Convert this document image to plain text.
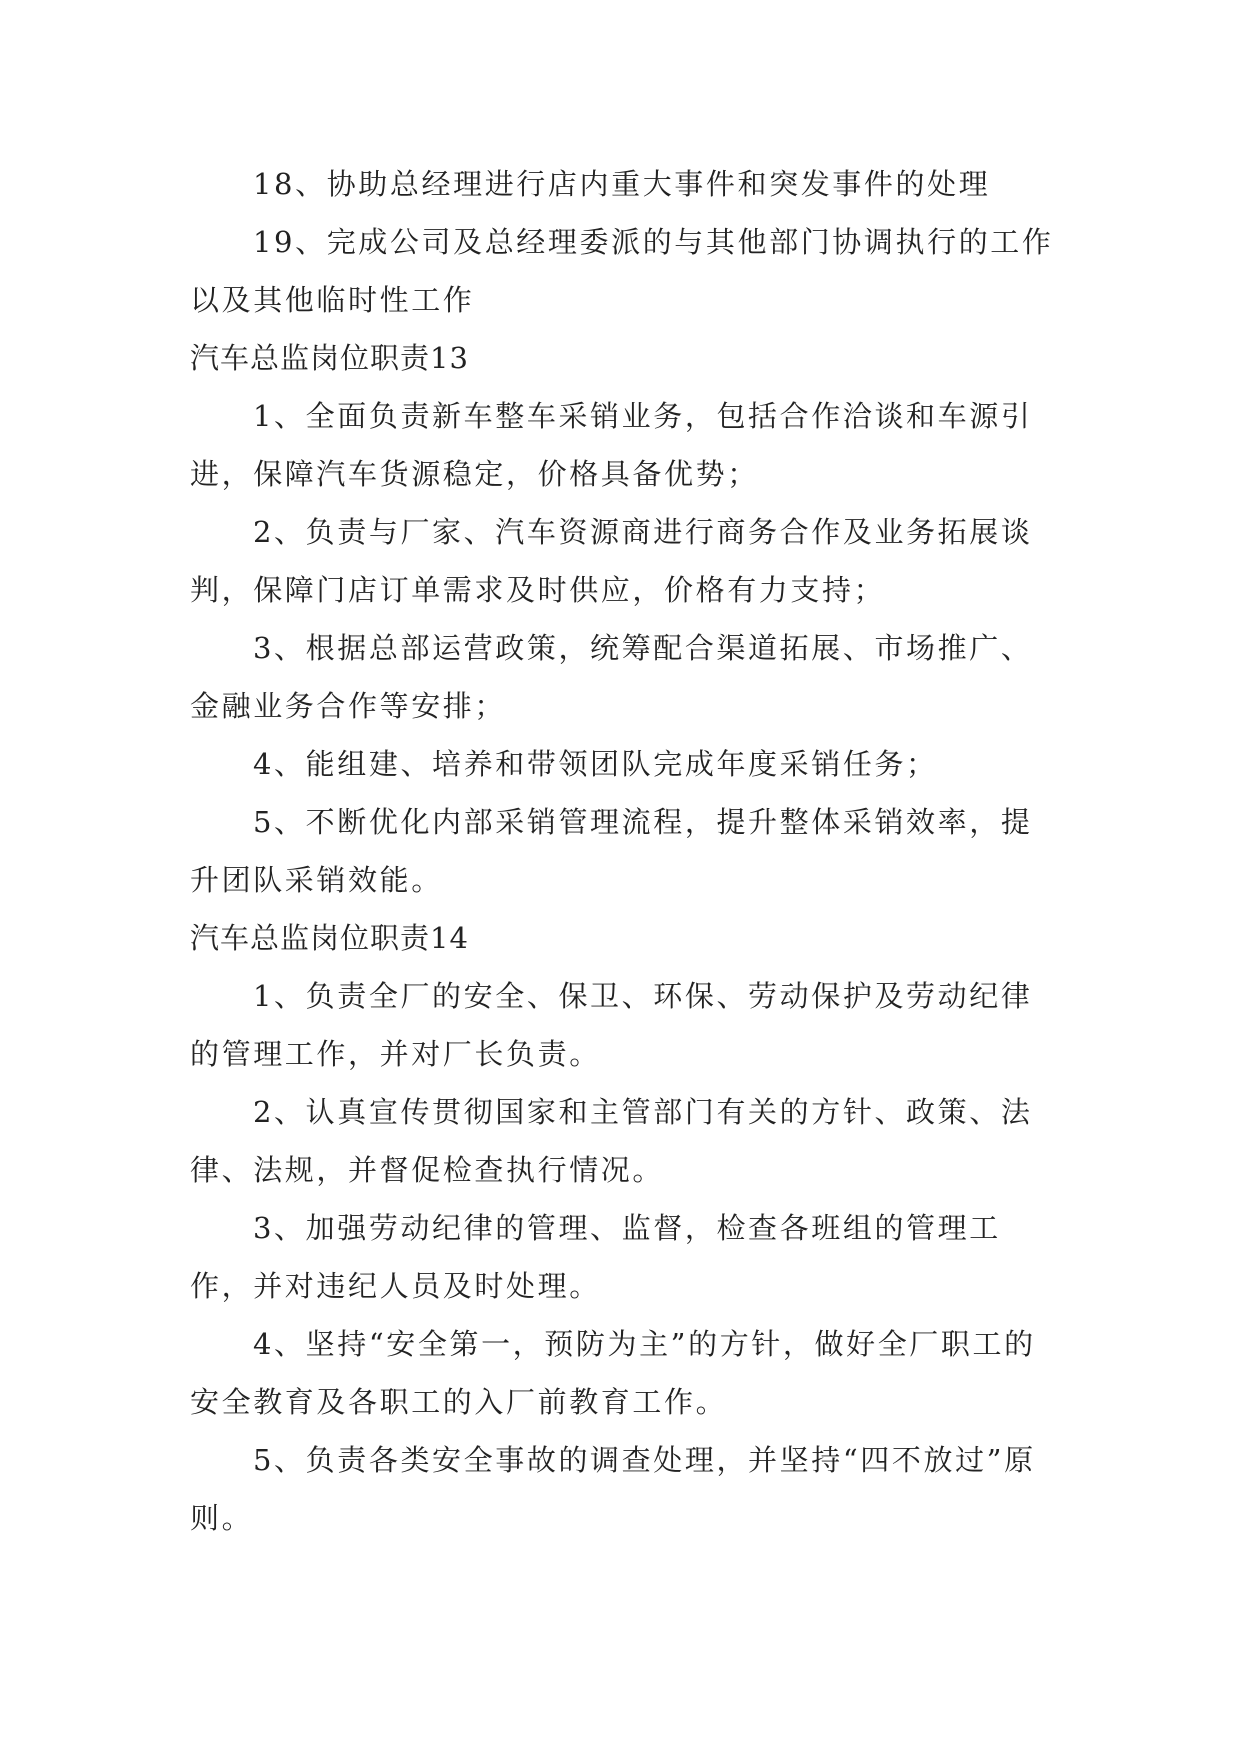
18、协助总经理进行店内重大事件和突发事件的处理

19、完成公司及总经理委派的与其他部门协调执行的工作以及其他临时性工作

汽车总监岗位职责13

1、全面负责新车整车采销业务，包括合作洽谈和车源引进，保障汽车货源稳定，价格具备优势；

2、负责与厂家、汽车资源商进行商务合作及业务拓展谈判，保障门店订单需求及时供应，价格有力支持；

3、根据总部运营政策，统筹配合渠道拓展、市场推广、金融业务合作等安排；

4、能组建、培养和带领团队完成年度采销任务；

5、不断优化内部采销管理流程，提升整体采销效率，提升团队采销效能。

汽车总监岗位职责14

1、负责全厂的安全、保卫、环保、劳动保护及劳动纪律的管理工作，并对厂长负责。

2、认真宣传贯彻国家和主管部门有关的方针、政策、法律、法规，并督促检查执行情况。

3、加强劳动纪律的管理、监督，检查各班组的管理工作，并对违纪人员及时处理。

4、坚持“安全第一，预防为主”的方针，做好全厂职工的安全教育及各职工的入厂前教育工作。

5、负责各类安全事故的调查处理，并坚持“四不放过”原则。
